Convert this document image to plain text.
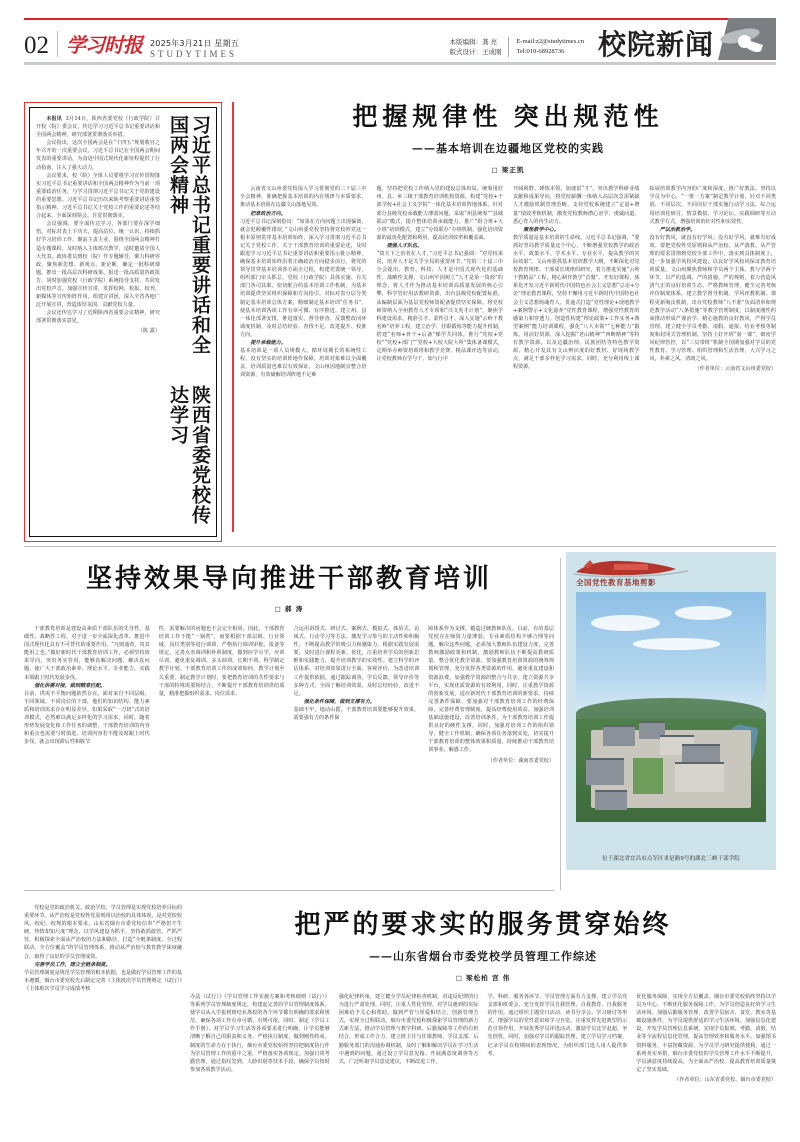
02 学习时报 2025年3月21日 星期五
STUDYTIMES
本版编辑：龚 亮
版式设计：王成刚
E-mail:z2@studytimes.cn
Tel:010-68928736	校院新闻
习近平总书记重要讲话和全国两会精神
陕西省委党校传达学习

本报讯 3月14日，陕西省委党校（行政学院）召开校（院）委会议，传达学习习近平总书记重要讲话和全国两会精神，研究部署贯彻落实举措。

会议指出，这次全国两会是在“十四五”规划收官之年召开的一次重要会议。习近平总书记在全国两会期间发表的重要讲话，为奋进中国式现代化新征程提供了行动指南，注入了强大动力。

会议要求，校（院）全体人员要将学习宣传贯彻落实习近平总书记重要讲话和全国两会精神作为当前一项重要政治任务，与学习贯彻习近平总书记关于党的建设的重要思想、习近平总书记历次来陕考察重要讲话重要指示精神、习近平总书记关于党校工作的重要论述等结合起来，全面深刻领会、自觉贯彻落实。

会议强调，要全面传达学习，各部门要在深学细悟、对标对表上下功夫，提高站位、统一认识，持续抓好学习培训工作，聚前主责主业，围绕全国两会精神打造专题课程，及时纳入主体班次教学，适时邀请全国人大代表、政协委员到校（院）作专题辅导，聚力科研咨政，聚焦新思想、新观点、新论断，确定一批科研课题，推出一批高层次科研成果、报送一批高质量咨政报告，同时加强党校（行政学院）系统指导支持，共同发出党校声音。加强宣传宣讲，发挥校网、校报、校刊、新媒体等宣传矩阵作用，组建宣讲团，深入全省各地广泛开展宣讲，营造浓厚氛围，贡献党校力量。

会议还传达学习了近期陕西省重要会议精神，研究部署贯彻落实意见。

（陈 露）
把握规律性 突出规范性
——基本培训在边疆地区党校的实践
□ 梁正凯

云南省文山州委党校深入学习贯彻党的二十届三中全会精神，准确把握基本培训的内在规律与本质要求，推动基本培训在边疆文山落地见效。

把准政治方向。

习近平总书记深刻指出：“如果在方向问题上出现偏离，就会犯颠覆性错误。”文山州委党校坚持将党校姓党这一根本原则贯穿基本培训始终，深入学习贯彻习近平总书记关于党校工作、关于干部教育培训的重要论述，及时跟进学习习近平总书记重要讲话和重要指示批示精神，确保基本培训始终沿着正确政治方向稳步前行。将党的领导贯穿基本培训各方面全过程，构建党委统一领导、组织部门牵头抓总、党校（行政学院）具体实施、有关部门各司其职、密切配合的基本培训工作机制，为基本培训提供坚实组织保障和方向指引。对标对表分层分类制定基本培训总体方案，精细制定基本培训“任务书”，使基本培训各项工作有章可循、有序推进。建立州、县一体化部署安排，推进落实、督导督查、反馈整改闭环调度机制，及时总结经验、查找不足、改进提升、校准方向。

提升承载能力。

基本培训是一项人员规模大、循环周期长的系统性工程，没有坚实的培训阵地作保障，培训对象难以全面覆盖，培训质量也难以有效保证。文山州因地制宜整合培训资源，有效破解培训阵地不足难

题，坚持把党校工作纳入党的建设总体布局，统筹用好州、县、乡三级干部教育培训机构资源，构建“党校+干部学校+社会主义学院”一体化基本培训阵地体系。针对部分县级党校承载能力薄弱问题，采取“州县统筹”“县域联动”模式，提升整体培训承载能力。推广“组合班+大小班”培训模式，建立“分段联办”办班机制，强化培训资源的最优化配置和利用，提高培训效率和覆盖面。

建强人才队伍。

“资天下之治者在人才。”习近平总书记强调：“对党校来说，培养人才是关乎全局的重要环节。”党的二十届三中全会提出，教育、科技、人才是中国式现代化的基础性、战略性支撑。文山州牢固树立“人才是第一资源”的理念，将人才作为推动基本培训高质量发展的核心引擎，科学管好用活教研资源，出台县级党校配置标准，从编制层面为基层党校师资配备提供坚实保障。将党校师资纳入全州教育人才专项和“兴文英才计划”，聚焦学科建设需求，精准引才、柔性引才。深入实施“云岭干教名师”培养工程，建立治学、挂职锻炼等能力提升机制，搭建“名师+骨干+后备”梯学共同体。推行“党校+党校”“党校+部门”“党校+大校大院大所”集体备课模式，定期举办师资培训班和教学竞赛、精品课评选等活动，让党校教师在学与干、知与行中

开阔视野、锤炼本领、加速留“才”。突出教学科研业绩贡献和成果导向，将党校薪酬一体纳入高层次急需紧缺人才激励机制管理范畴，支持党校系统建立“定量+增量”绩效考核机制，激发党校教师潜心治学、虔诚问道、悉心育人的内生动力。

聚焦教学中心。

教学质量是基本培训的生命线。习近平总书记强调，“要抓好坚局教学质量这个中心，不断增强党校教学的政治水平、政策水平、学术水平、专业水平，提高教学的实际效果”。文山州狠抓基本培训教学大纲，不断深化对党校教育规律、干部成长规律的研究，着力推进实施“云岭干教精品”工程，精心制作教学“首餐”。开发好课程、体系化开发习近平新时代中国特色社会主义思想“总论+分论”理论教育课程，坚持不懈用习近平新时代中国特色社会主义思想铸魂育人。贯通式打造“党性理论+现地教学+案例警示+文化滋养”党性教育课程，增强党性教育的感染力和穿透力。创造性构建“理论政策+工作实务+典型案例”能力培训课程，强化“八大本领”“七种能力”锻炼。用活好资源，深入挖掘“老山精神”“西畴精神”等特有教学资源，以及边疆治理、民族团结等特色教学资源，精心开发具有文山辨识度的好教材、好现场教学点，满足干部多样化学习需求。同时，充分利用线上课程资源。

拓展培训教学内容的广度和深度。推广好教法。坚持以学员为中心，“一班一方案”制定教学计划，针对不同类别、不同层次、不同岗位干部实施行动学习法，综合运用培训化研讨、情景模拟、学习论坛、实践调研等互动式教学方式，增强培训的针对性和实效性。

严以治教治学。

没有好教风，就没有好学风；没有好学风，就难有好成效。要把党校姓党原则和从严治校、从严落教、从严管理的要求贯彻到党校全部工作中，落实到具体制度上，进一步加强学风校风建设，以良好学风校风保证教育培训质量。文山州聚焦教师和学员两个主体、教与学两个环节，以严的基调、严的措施、严的规则，着力营造风清气正的良好培训生态。严格教师管理，健全完善考核评价制度体系，建立教学督导机制、学风评教机制、课程更新淘汰机制，出台党校教师“八不准”负面清单和规范教学活动“八条措施”等教学管理制度，以制度刚性约束推动形成严谨治学、精心施教的良好教风，严督学员管理。建立健全学员考勤、请假、通报、结业考核等制度和封闭式管理机制。坚持上好开班“第一课”，细密学风纪律管控，以“三员带班”机制全国期加强对学员的党性教育、学习管理、组织管理和生活管理，大兴学习之风，朴素之风、清朗之风。

（作者单位：云南省文山州委党校）
坚持效果导向推进干部教育培训
□ 郝 涛

干部教育培训是建设高素质干部队伍的先导性、基础性、战略性工程。对于进一步全面深化改革、推进中国式现代化具有不可替代的重要作用。“凡则通者，贵其能用之也。”做好新时代干部教育培训工作，必须坚持效果导向，突出务实管用，能够真解决问题、解决真问题，使广大干部政治素养、理论水平、专业能力、实践本领跟上时代发展步伐。

强化供需对接，做到精准匹配。

目前，供需不平衡问题依然存在。面对来自不同层级、不同领域、不同岗位的干部，他们的知识结构、能力素质和培训需求存在明显差异。如果采取“一刀切”式的培训模式，必然难以满足多样化的学习需求。同时，随着形势发展变化和工作任务的调整，干部教育培训的内容和重点也需要与时俱进。培训内容若不能及时跟上时代步伐，就会出现滞后性和脱节

性，需要解决的问题也不会完全相同。因此，干部教育培训工作不能“一锅煮”，而要根据干部层级、行业领域、岗位类别等进行调训，严格执行调训审批、报备等规定，完善点名调训和补训制度，做到应学尽学，应训尽训，避免重复调训、多头调训、长期不训。科学制定教学计划。干部教育培训工作的成效如何，教学计划至关重要。制定教学计划时，要把教育培训的共性要求与干部的特殊需要相结合，不断提升干部教育培训供给质量，精准把握组织需求、岗位需求、

合运用讲授式、研讨式、案例式、模拟式、体验式、访谈式、行动学习等方法。激发学习参与的主动性和积极性，不断提高教学的吸引力和感染力。根据实践发展需要，及时进行课程更新、优化，注重培养学员的创新思维和实践能力，提升培训教学的实效性。建立科学的评估体系，对培训效果进行全面、客观评价，为改进培训工作提供依据。通过跟踪调查、学员反馈、领导评价等多种方式，全面了解培训效果，及时总结经验，改进不足。

强化条件保障，做到支撑有力。

基础不牢，地动山摇。干部教育培训要能够提升效果，需要强有力的条件保

障体系作为支撑。锻造过硬教师队伍。目前，有的基层党校存在师资力量薄弱，专业素质结构不够合理等问题。解决这些问题，必须加大教师队伍建设力度，完善教师激励政策和机制，激励教师队伍不断提高教研质量。整合优化教学资源。要加强教育培训资源的统筹规划和管理，充分发挥各类资源的作用，避免重复建设和资源浪费。加强教学资源的整合与共享，建立资源共享平台，实现优质资源的有效利用。同时，注重教学资源的创新发展，适应新时代干部教育培训的新要求。持续完善条件保障。要加强对干部教育培训工作的经费保障，完善经费管理制度，提高经费使用效益。加强培训基础设施建设，改善培训条件，为干部教育培训工作提供良好的硬件支撑。同时，加强对培训工作的组织领导，健全工作机制，确保各项任务落到实处，切实提升干部教育培训的整体效果和质量，持续推动干部教育培训事业、解惑工作。

（作者单位：湖南省委党校）
全国党性教育基地剪影
位于湖北省宜昌市点军区求是路9号的湖北三峡干部学院

党校是党的政治机关、政治学校，学员管理是实现党校培养目标的重要环节。从严治校是党校姓党原则用以治校的具体体现，是对党校校风、校纪、校规的根本要求。山东省烟台市委党校信奉“严格但不生硬、热情却知尺度”理念，以学风建设为抓手，坚持敢抓敢管，严抓严管，积极探索全面从严治校的方法和路径，打造“全链条制度、全过程联动、全方位覆盖”的学员管理体系，推动从严治校与教育教学深度融合，取得了良好的学员管理成效。

完善学员工作，建立全链条制度。

学员管理制度是规范学员管理的根本依据，也是做好学员管理工作的基本遵循。烟台市委党校先后制定完善《主体班次学员管理规定（试行）》《主体班次学员学习成绩考核

把严的要求实的服务贯穿始终
——山东省烟台市委党校学员管理工作综述
□ 梁松柏 宫 伟

办法（试行）》《学员管理工作实施方案和考核细则（试行）》等系列学员管理制度规定，构建起完善的学员管理制度体系，使学员从入学报到到结业离校的各个环节都有明确的要求和规范，确保各项工作有章可循、有规可依。同时，制定《学员工作手册》，对学员学习生活等各项要求进行明确，让学员能够清晰了解自己的职责和义务。严格执行制度，做到刚性约束。制度的生命力在于执行，烟台市委党校始终坚持把制度执行作为学员管理工作的重中之重，严格落实各项规定。加强日常考勤管理，通过指纹签到、人脸识别等技术手段，确保学员按时参加各项教学活动。

强化纪律约束，建立健全学员纪律检查机制，对违反纪律的行为进行严肃处理。同时，注重人性化管理，对学员遇到的实际困难给予关心和帮助，做到严管与厚爱相结合。创新管理方式，实现全过程联动。烟台市委党校积极探索学员管理的新方式新方法，推动学员管理与教学科研、后勤保障等工作的有机结合，形成工作合力。建立班主任与任课教师、学员支部、后勤服务部门的沟通协调机制，及时了解和解决学员在学习生活中遇到的问题。通过设立学员意见箱、开展满意度调查等方式，广泛听取学员意见建议，不断改进工作。

学、科研、服务各环节，学员管理方面有力支撑。建立学员党支部和班委会，充分发挥学员自我管理、自我教育、自我服务的作用。通过组织主题党日活动、读书分享会、学习研讨等形式，增强学员的党性意识和学习自觉。注重发挥先进典型的示范引领作用，开展优秀学员评选活动，激励学员比学赶超、争先创优。同时，加强对学员的跟踪管理，建立学员学习档案，记录学员在校期间的表现情况，为组织部门选人用人提供参考。

优化服务保障，实现全方位覆盖。烟台市委党校始终坚持以学员为中心，不断优化服务保障工作，为学员创造良好的学习生活环境。加强后勤服务管理，改善学员宿舍、食堂、教室等基础设施条件，为学员提供舒适的学习生活环境。加强信息化建设，开发学员管理信息系统，实现学员报到、考勤、请假、结业等全流程信息化管理，提高管理效率和服务水平。加强图书资料服务，丰富馆藏资源，为学员学习研究提供便利。通过一系列务实举措，烟台市委党校的学员管理工作水平不断提升，学员满意度持续提高，为全面从严治校、提高教育培训质量奠定了坚实基础。

（作者单位：山东省委党校、烟台市委党校）
